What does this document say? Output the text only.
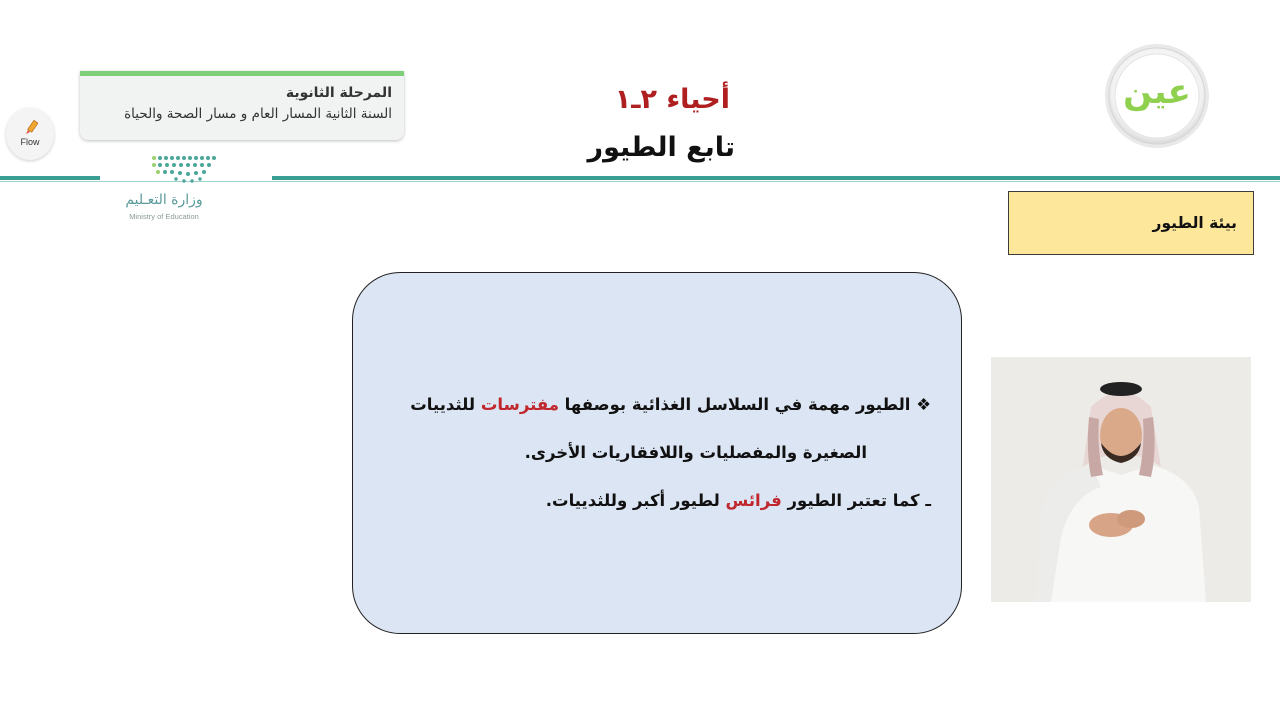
المرحلة الثانوية
السنة الثانية المسار العام و مسار الصحة والحياة
Flow
وزارة التعـليم
Ministry of Education
أحياء ٢ـ١
تابع الطيور
عين
بيئة الطيور
❖ الطيور مهمة في السلاسل الغذائية بوصفها مفترسات للثدييات
الصغيرة والمفصليات واللافقاريات الأخرى.
ـ كما تعتبر الطيور فرائس لطيور أكبر وللثدييات.
